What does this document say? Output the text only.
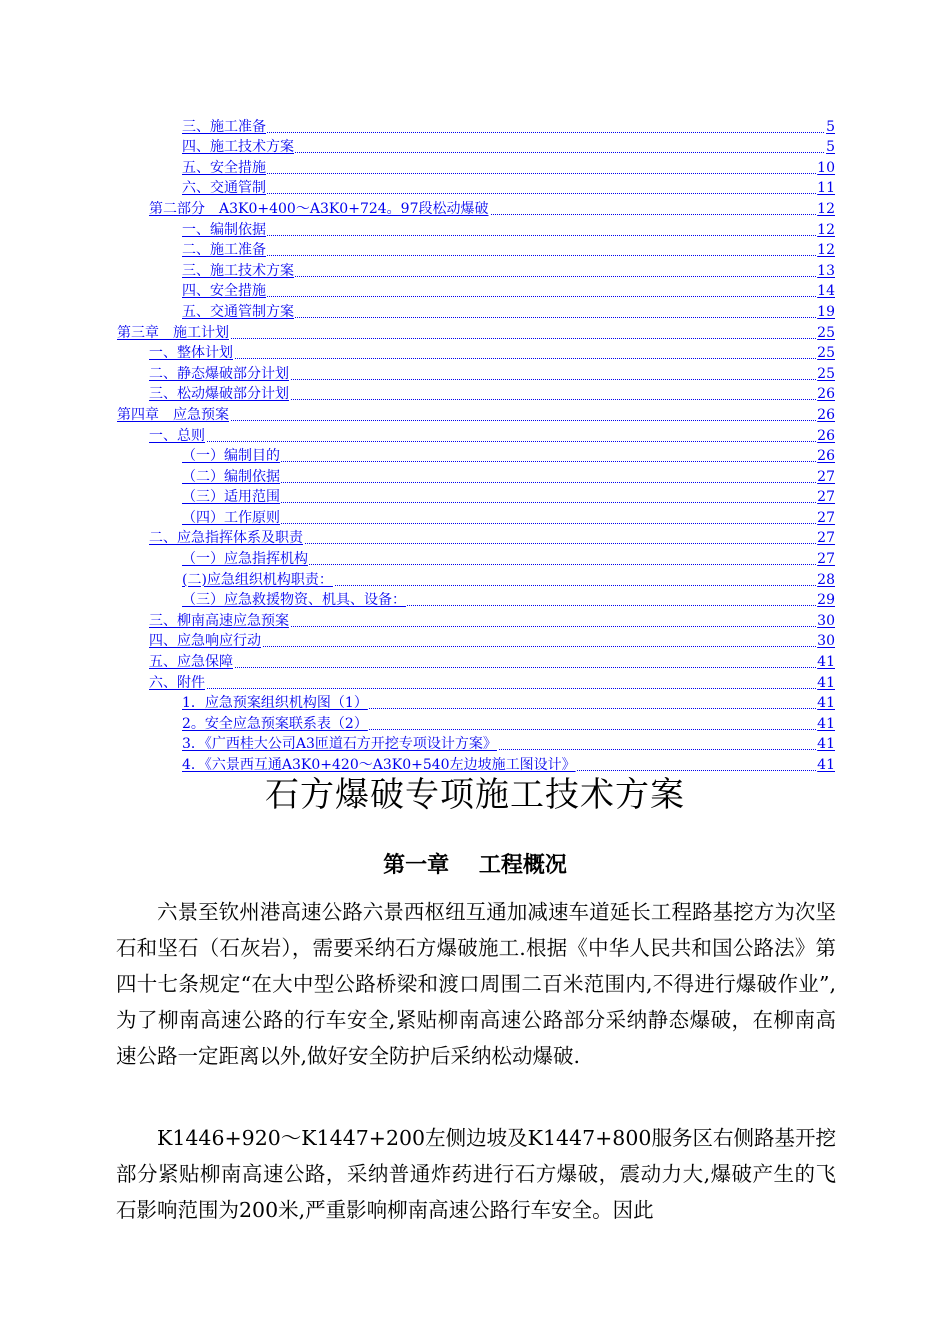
三、施工准备	5
四、施工技术方案	5
五、安全措施	10
六、交通管制	11
第二部分　A3K0+400～A3K0+724。97段松动爆破	12
一、编制依据	12
二、施工准备	12
三、施工技术方案	13
四、安全措施	14
五、交通管制方案	19
第三章　施工计划	25
一、整体计划	25
二、静态爆破部分计划	25
三、松动爆破部分计划	26
第四章　应急预案	26
一、总则	26
（一）编制目的	26
（二）编制依据	27
（三）适用范围	27
（四）工作原则	27
二、应急指挥体系及职责	27
（一）应急指挥机构	27
(二)应急组织机构职责：	28
（三）应急救援物资、机具、设备：	29
三、柳南高速应急预案	30
四、应急响应行动	30
五、应急保障	41
六、附件	41
1．应急预案组织机构图（1）	41
2。安全应急预案联系表（2）	41
3．《广西桂大公司A3匝道石方开挖专项设计方案》	41
4．《六景西互通A3K0+420～A3K0+540左边坡施工图设计》	41
石方爆破专项施工技术方案
第一章　 工程概况

六景至钦州港高速公路六景西枢纽互通加减速车道延长工程路基挖方为次坚石和坚石（石灰岩），需要采纳石方爆破施工.根据《中华人民共和国公路法》第四十七条规定“在大中型公路桥梁和渡口周围二百米范围内,不得进行爆破作业”,为了柳南高速公路的行车安全,紧贴柳南高速公路部分采纳静态爆破，在柳南高速公路一定距离以外,做好安全防护后采纳松动爆破.

K1446+920～K1447+200左侧边坡及K1447+800服务区右侧路基开挖部分紧贴柳南高速公路，采纳普通炸药进行石方爆破，震动力大,爆破产生的飞石影响范围为200米,严重影响柳南高速公路行车安全。因此
